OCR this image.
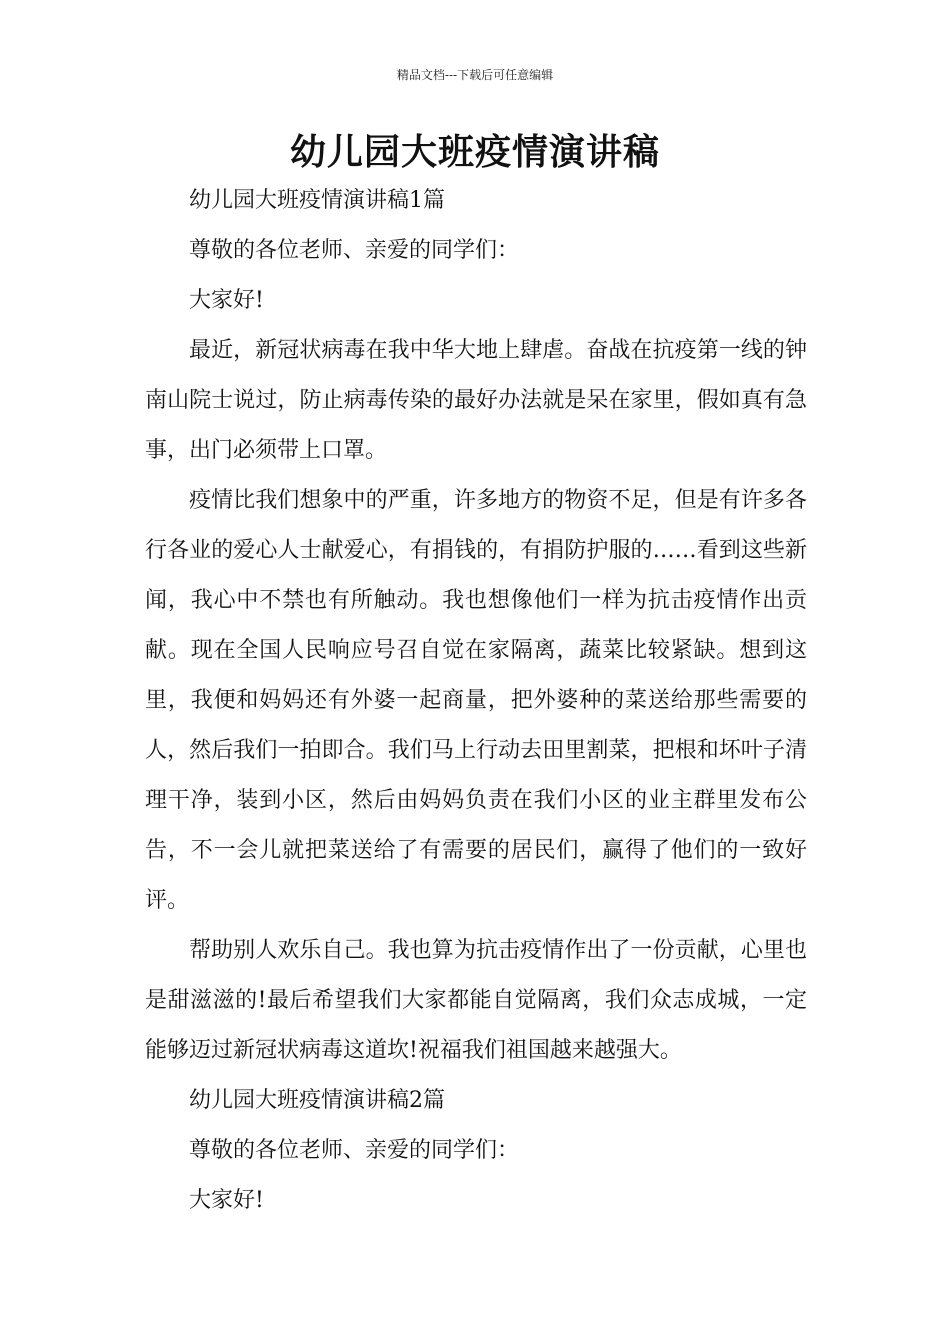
精品文档---下载后可任意编辑
幼儿园大班疫情演讲稿

幼儿园大班疫情演讲稿1篇

尊敬的各位老师、亲爱的同学们：

大家好!

最近，新冠状病毒在我中华大地上肆虐。奋战在抗疫第一线的钟南山院士说过，防止病毒传染的最好办法就是呆在家里，假如真有急事，出门必须带上口罩。

疫情比我们想象中的严重，许多地方的物资不足，但是有许多各行各业的爱心人士献爱心，有捐钱的，有捐防护服的……看到这些新闻，我心中不禁也有所触动。我也想像他们一样为抗击疫情作出贡献。现在全国人民响应号召自觉在家隔离，蔬菜比较紧缺。想到这里，我便和妈妈还有外婆一起商量，把外婆种的菜送给那些需要的人，然后我们一拍即合。我们马上行动去田里割菜，把根和坏叶子清理干净，装到小区，然后由妈妈负责在我们小区的业主群里发布公告，不一会儿就把菜送给了有需要的居民们，赢得了他们的一致好评。

帮助别人欢乐自己。我也算为抗击疫情作出了一份贡献，心里也是甜滋滋的!最后希望我们大家都能自觉隔离，我们众志成城，一定能够迈过新冠状病毒这道坎!祝福我们祖国越来越强大。

幼儿园大班疫情演讲稿2篇

尊敬的各位老师、亲爱的同学们：

大家好!
